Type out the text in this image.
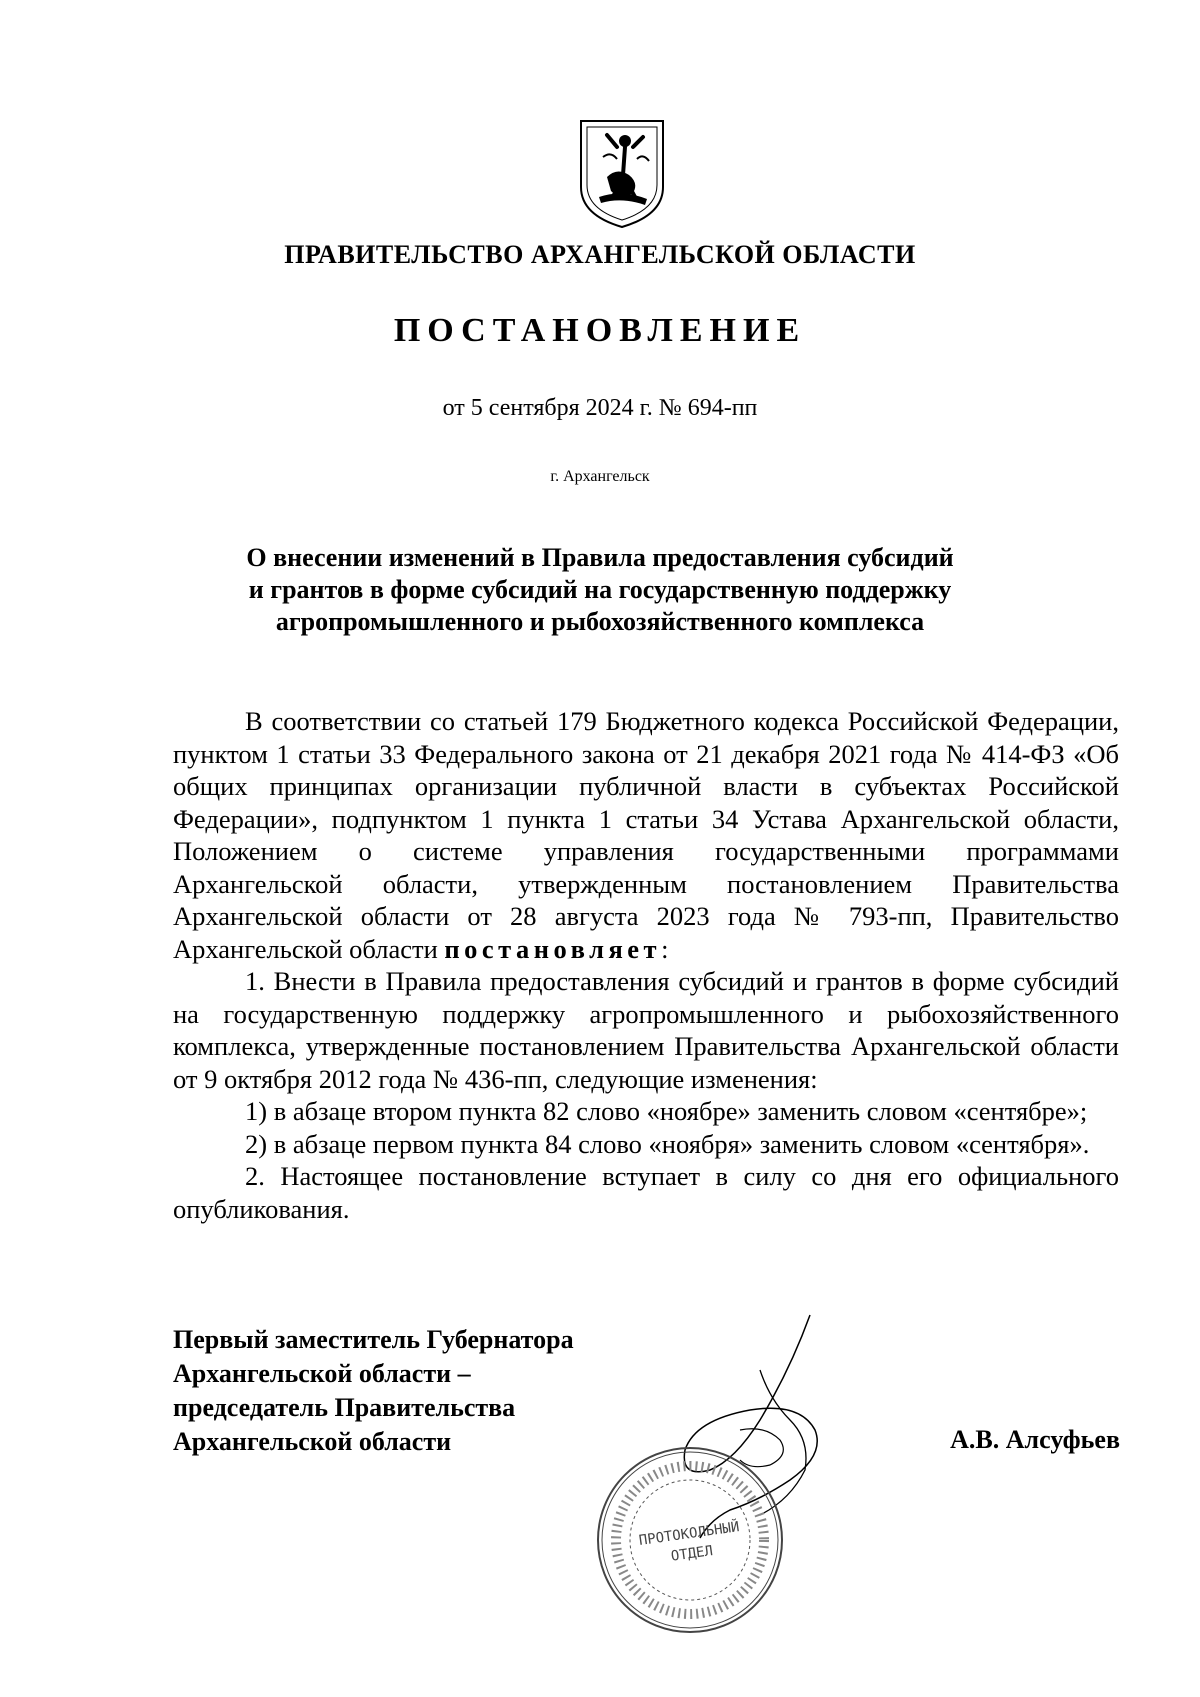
ПРАВИТЕЛЬСТВО АРХАНГЕЛЬСКОЙ ОБЛАСТИ
ПОСТАНОВЛЕНИЕ
от 5 сентября 2024 г. № 694-пп
г. Архангельск
О внесении изменений в Правила предоставления субсидий
и грантов в форме субсидий на государственную поддержку
агропромышленного и рыбохозяйственного комплекса

В соответствии со статьей 179 Бюджетного кодекса Российской Федерации, пунктом 1 статьи 33 Федерального закона от 21 декабря 2021 года № 414-ФЗ «Об общих принципах организации публичной власти в субъектах Российской Федерации», подпунктом 1 пункта 1 статьи 34 Устава Архангельской области, Положением о системе управления государственными программами Архангельской области, утвержденным постановлением Правительства Архангельской области от 28 августа 2023 года № 793-пп, Правительство Архангельской области постановляет:

1. Внести в Правила предоставления субсидий и грантов в форме субсидий на государственную поддержку агропромышленного и рыбохозяйственного комплекса, утвержденные постановлением Правительства Архангельской области от 9 октября 2012 года № 436-пп, следующие изменения:

1) в абзаце втором пункта 82 слово «ноябре» заменить словом «сентябре»;

2) в абзаце первом пункта 84 слово «ноября» заменить словом «сентября».

2. Настоящее постановление вступает в силу со дня его официального опубликования.

Первый заместитель Губернатора
Архангельской области –
председатель Правительства
Архангельской области	А.В. Алсуфьев
ПРОТОКОЛЬНЫЙ
ОТДЕЛ
